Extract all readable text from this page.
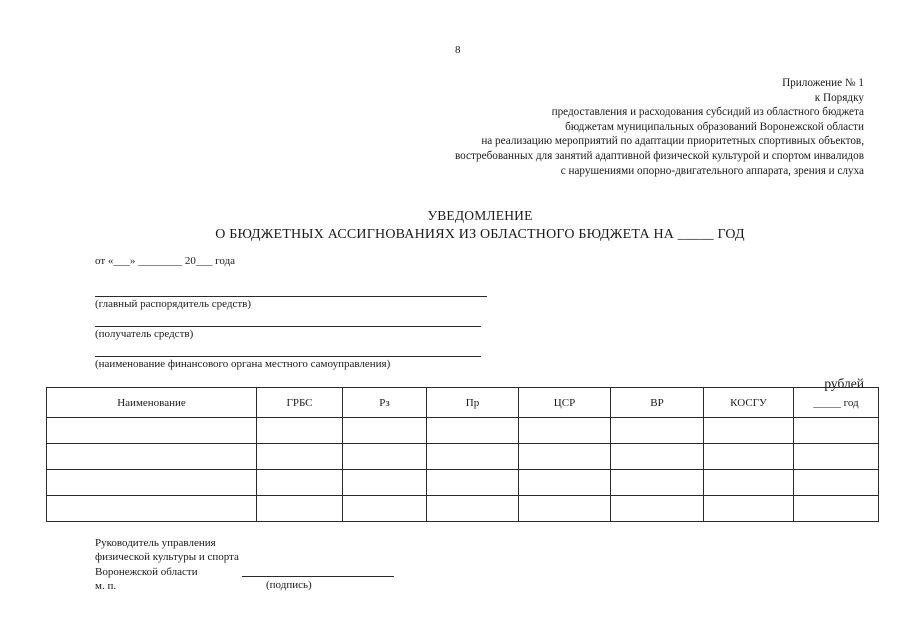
8
Приложение № 1
к Порядку
предоставления и расходования субсидий из областного бюджета
бюджетам муниципальных образований Воронежской области
на реализацию мероприятий по адаптации приоритетных спортивных объектов,
востребованных для занятий адаптивной физической культурой и спортом инвалидов
с нарушениями опорно-двигательного аппарата, зрения и слуха
УВЕДОМЛЕНИЕ
О БЮДЖЕТНЫХ АССИГНОВАНИЯХ ИЗ ОБЛАСТНОГО БЮДЖЕТА НА _____ ГОД
от «___» ________ 20___ года
(главный распорядитель средств)
(получатель средств)
(наименование финансового органа местного самоуправления)
рублей
Наименование	ГРБС	Рз	Пр	ЦСР	ВР	КОСГУ	_____ год

Руководитель управления
физической культуры и спорта
Воронежской области
м. п.	(подпись)
